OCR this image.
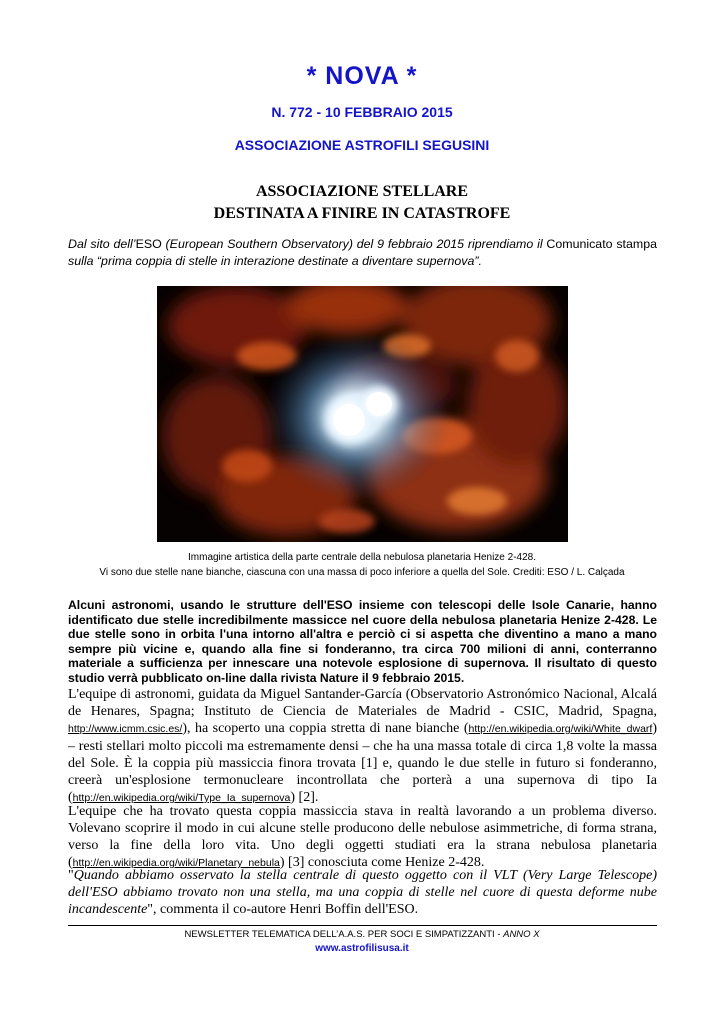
* NOVA *
N. 772 - 10 FEBBRAIO 2015
ASSOCIAZIONE ASTROFILI SEGUSINI
ASSOCIAZIONE STELLARE
DESTINATA A FINIRE IN CATASTROFE
Dal sito dell’ESO (European Southern Observatory) del 9 febbraio 2015 riprendiamo il Comunicato stampa sulla “prima coppia di stelle in interazione destinate a diventare supernova”.
Immagine artistica della parte centrale della nebulosa planetaria Henize 2-428.
Vi sono due stelle nane bianche, ciascuna con una massa di poco inferiore a quella del Sole. Crediti: ESO / L. Calçada
Alcuni astronomi, usando le strutture dell'ESO insieme con telescopi delle Isole Canarie, hanno identificato due stelle incredibilmente massicce nel cuore della nebulosa planetaria Henize 2-428. Le due stelle sono in orbita l'una intorno all'altra e perciò ci si aspetta che diventino a mano a mano sempre più vicine e, quando alla fine si fonderanno, tra circa 700 milioni di anni, conterranno materiale a sufficienza per innescare una notevole esplosione di supernova. Il risultato di questo studio verrà pubblicato on-line dalla rivista Nature il 9 febbraio 2015.
L'equipe di astronomi, guidata da Miguel Santander-García (Observatorio Astronómico Nacional, Alcalá de Henares, Spagna; Instituto de Ciencia de Materiales de Madrid - CSIC, Madrid, Spagna, http://www.icmm.csic.es/), ha scoperto una coppia stretta di nane bianche (http://en.wikipedia.org/wiki/White_dwarf) – resti stellari molto piccoli ma estremamente densi – che ha una massa totale di circa 1,8 volte la massa del Sole. È la coppia più massiccia finora trovata [1] e, quando le due stelle in futuro si fonderanno, creerà un'esplosione termonucleare incontrollata che porterà a una supernova di tipo Ia (http://en.wikipedia.org/wiki/Type_Ia_supernova) [2].
L'equipe che ha trovato questa coppia massiccia stava in realtà lavorando a un problema diverso. Volevano scoprire il modo in cui alcune stelle producono delle nebulose asimmetriche, di forma strana, verso la fine della loro vita. Uno degli oggetti studiati era la strana nebulosa planetaria (http://en.wikipedia.org/wiki/Planetary_nebula) [3] conosciuta come Henize 2-428.
"Quando abbiamo osservato la stella centrale di questo oggetto con il VLT (Very Large Telescope) dell'ESO abbiamo trovato non una stella, ma una coppia di stelle nel cuore di questa deforme nube incandescente", commenta il co-autore Henri Boffin dell'ESO.
NEWSLETTER TELEMATICA DELL’A.A.S. PER SOCI E SIMPATIZZANTI - ANNO X
www.astrofilisusa.it
